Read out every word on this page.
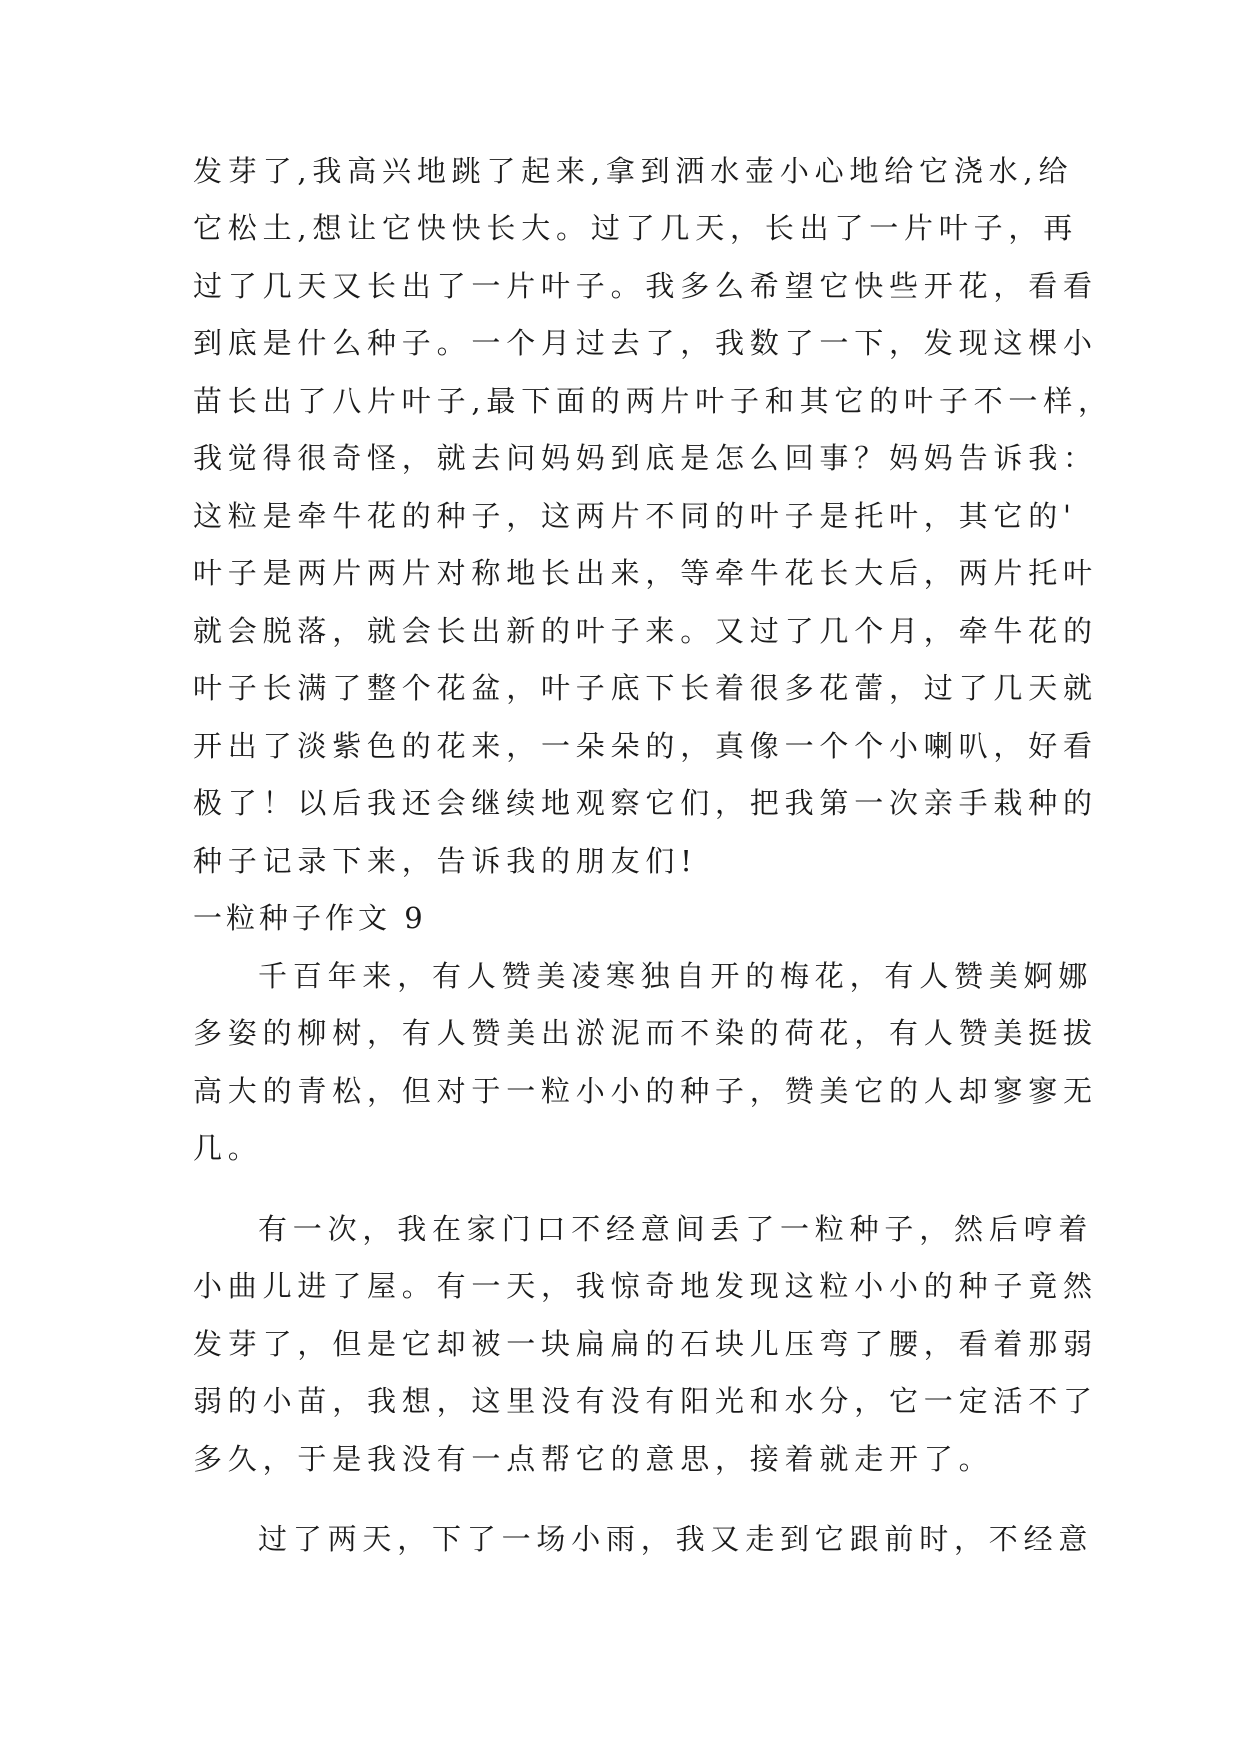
发芽了,我高兴地跳了起来,拿到洒水壶小心地给它浇水,给
它松土,想让它快快长大。过了几天，长出了一片叶子，再
过了几天又长出了一片叶子。我多么希望它快些开花，看看
到底是什么种子。一个月过去了，我数了一下，发现这棵小
苗长出了八片叶子,最下面的两片叶子和其它的叶子不一样，
我觉得很奇怪，就去问妈妈到底是怎么回事？妈妈告诉我：
这粒是牵牛花的种子，这两片不同的叶子是托叶，其它的'
叶子是两片两片对称地长出来，等牵牛花长大后，两片托叶
就会脱落，就会长出新的叶子来。又过了几个月，牵牛花的
叶子长满了整个花盆，叶子底下长着很多花蕾，过了几天就
开出了淡紫色的花来，一朵朵的，真像一个个小喇叭，好看
极了！以后我还会继续地观察它们，把我第一次亲手栽种的
种子记录下来，告诉我的朋友们!
一粒种子作文 9
千百年来，有人赞美凌寒独自开的梅花，有人赞美婀娜
多姿的柳树，有人赞美出淤泥而不染的荷花，有人赞美挺拔
高大的青松，但对于一粒小小的种子，赞美它的人却寥寥无
几。
有一次，我在家门口不经意间丢了一粒种子，然后哼着
小曲儿进了屋。有一天，我惊奇地发现这粒小小的种子竟然
发芽了，但是它却被一块扁扁的石块儿压弯了腰，看着那弱
弱的小苗，我想，这里没有没有阳光和水分，它一定活不了
多久，于是我没有一点帮它的意思，接着就走开了。
过了两天，下了一场小雨，我又走到它跟前时，不经意
